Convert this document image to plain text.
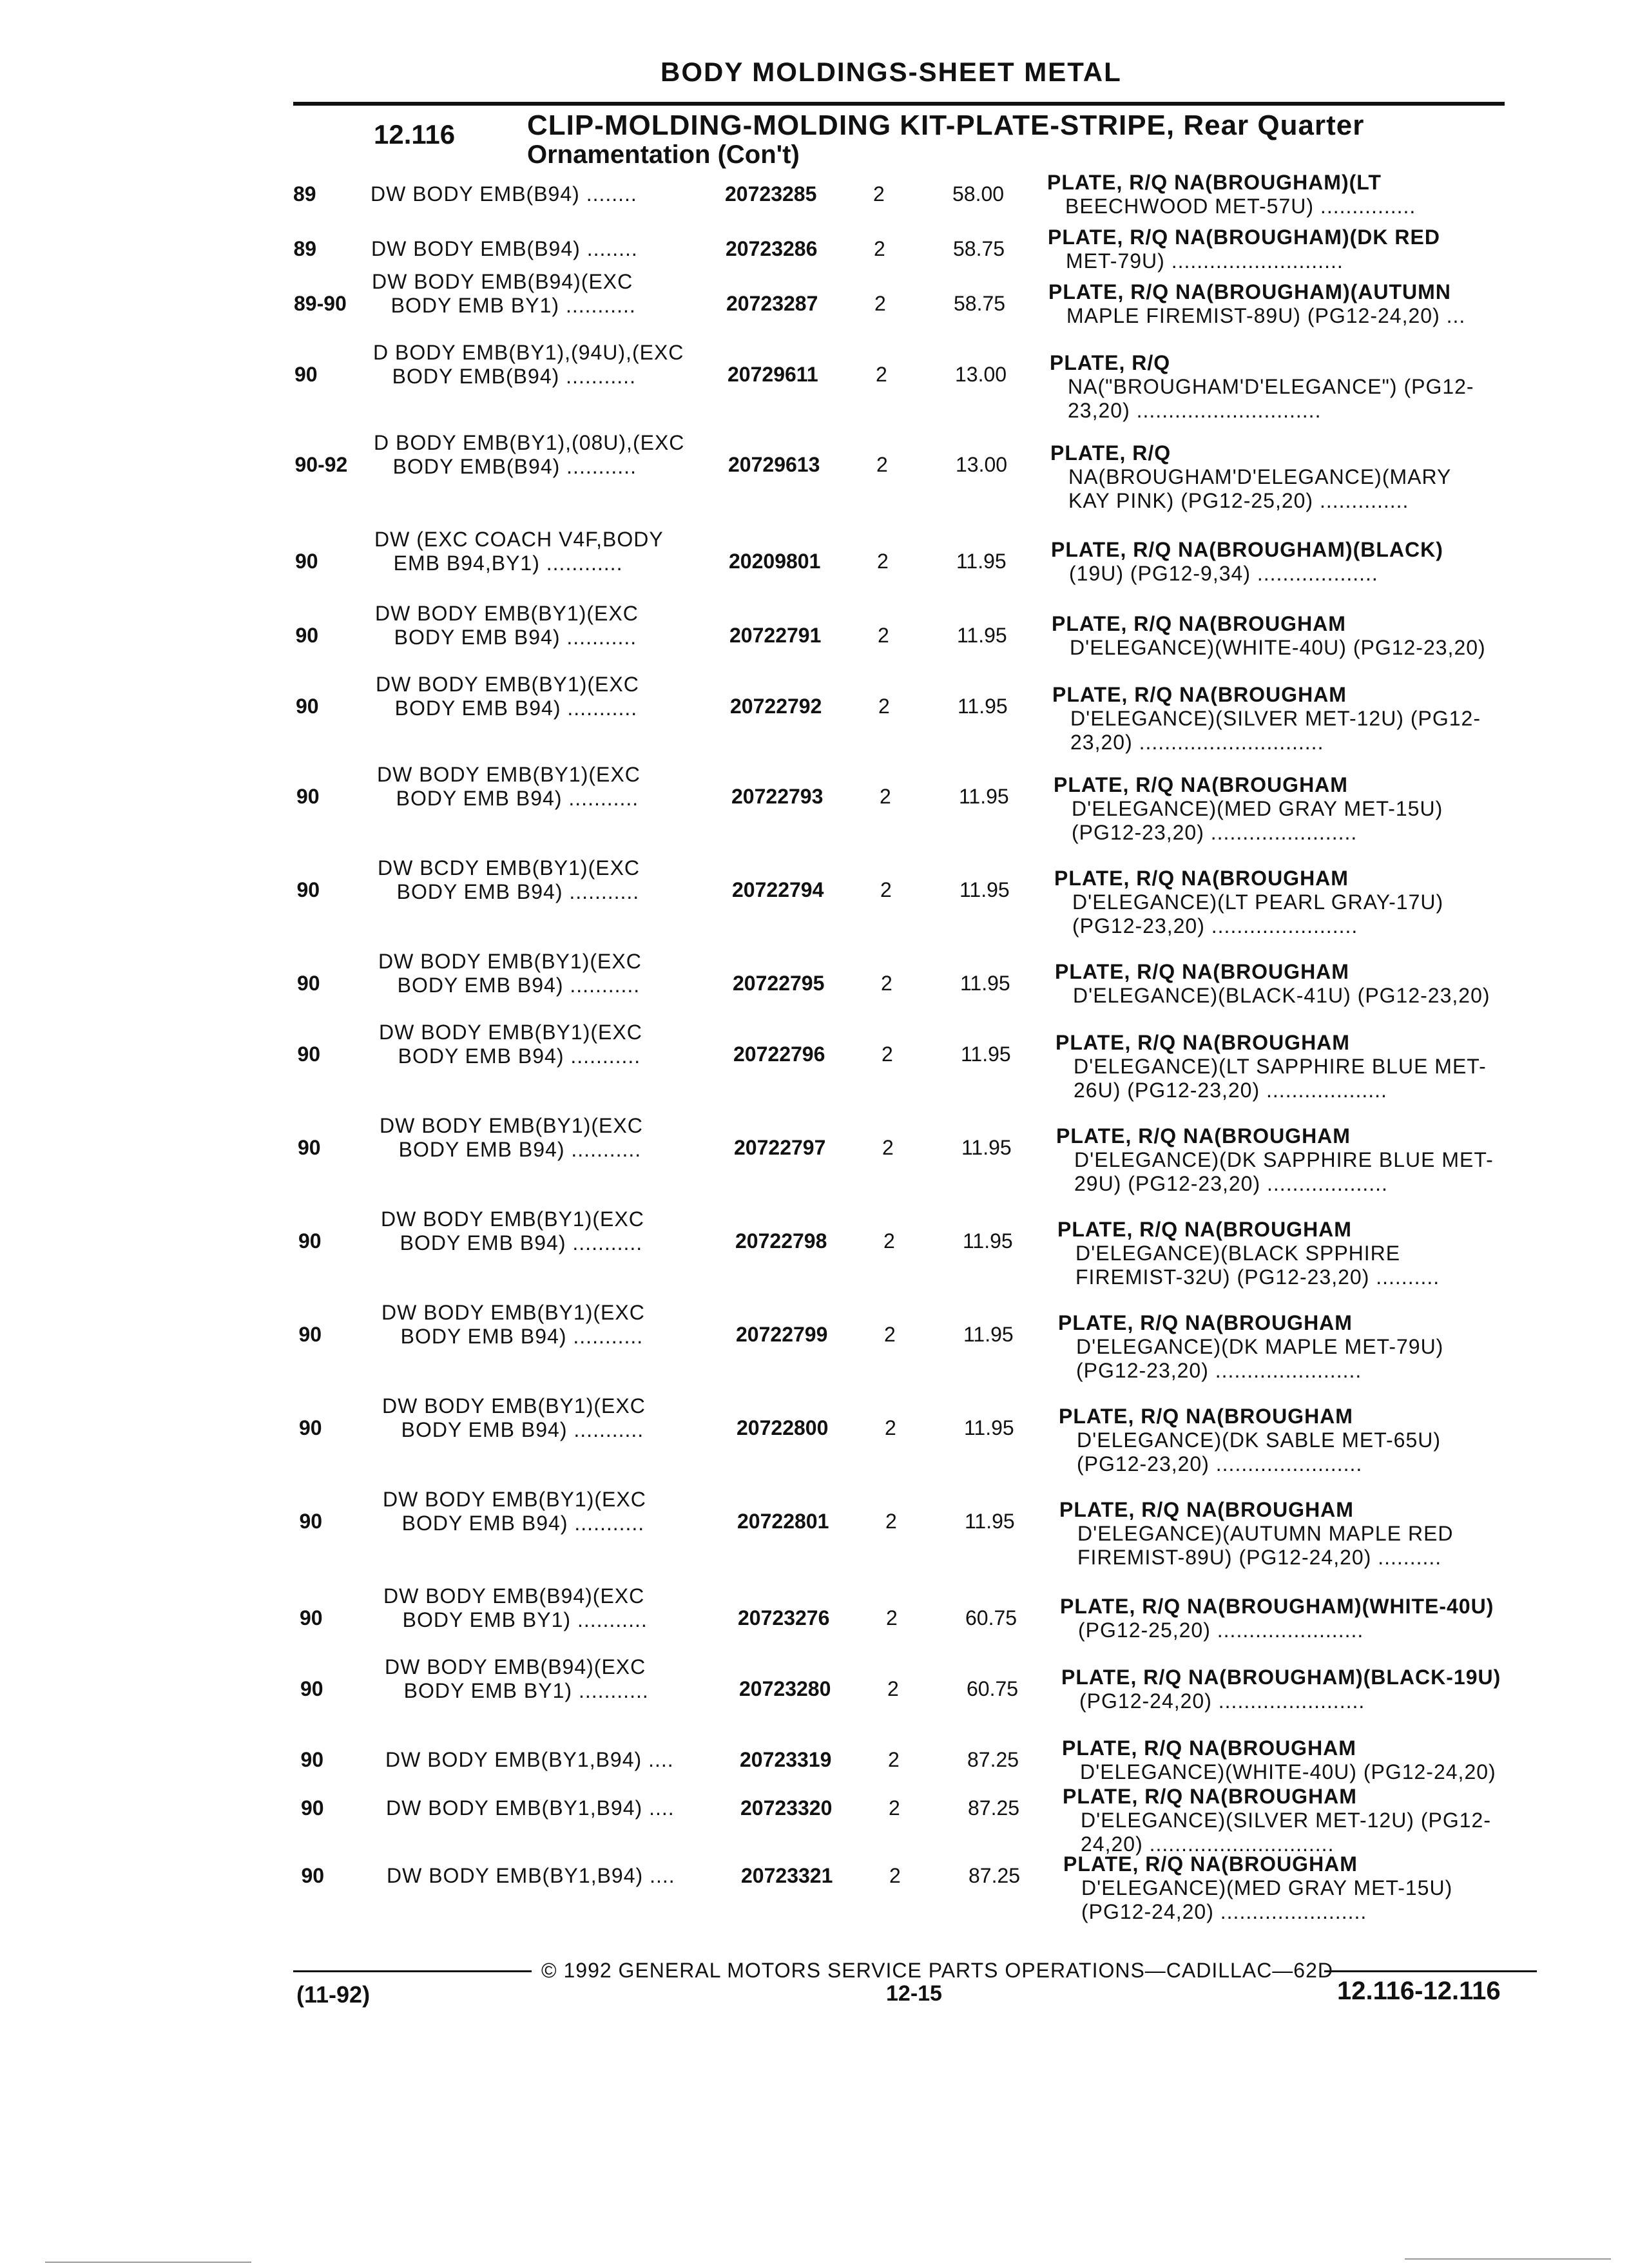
BODY MOLDINGS-SHEET METAL
12.116	CLIP-MOLDING-MOLDING KIT-PLATE-STRIPE, Rear Quarter
Ornamentation (Con't)
89	DW BODY EMB(B94) ........	20723285	2	58.00 PLATE, R/Q NA(BROUGHAM)(LT
BEECHWOOD MET-57U) ...............
89	DW BODY EMB(B94) ........	20723286	2	58.75 PLATE, R/Q NA(BROUGHAM)(DK RED
MET-79U) ...........................
89-90
DW BODY EMB(B94)(EXC
BODY EMB BY1) ...........	20723287	2	58.75 PLATE, R/Q NA(BROUGHAM)(AUTUMN
MAPLE FIREMIST-89U) (PG12-24,20) ...
90
D BODY EMB(BY1),(94U),(EXC
BODY EMB(B94) ...........	20729611	2	13.00 PLATE, R/Q
NA("BROUGHAM'D'ELEGANCE") (PG12-
23,20) .............................
90-92
D BODY EMB(BY1),(08U),(EXC
BODY EMB(B94) ...........	20729613	2	13.00 PLATE, R/Q
NA(BROUGHAM'D'ELEGANCE)(MARY
KAY PINK) (PG12-25,20) ..............
90
DW (EXC COACH V4F,BODY
EMB B94,BY1) ............	20209801	2	11.95 PLATE, R/Q NA(BROUGHAM)(BLACK)
(19U) (PG12-9,34) ...................
90
DW BODY EMB(BY1)(EXC
BODY EMB B94) ...........	20722791	2	11.95 PLATE, R/Q NA(BROUGHAM
D'ELEGANCE)(WHITE-40U) (PG12-23,20)
90
DW BODY EMB(BY1)(EXC
BODY EMB B94) ...........	20722792	2	11.95 PLATE, R/Q NA(BROUGHAM
D'ELEGANCE)(SILVER MET-12U) (PG12-
23,20) .............................
90
DW BODY EMB(BY1)(EXC
BODY EMB B94) ...........	20722793	2	11.95 PLATE, R/Q NA(BROUGHAM
D'ELEGANCE)(MED GRAY MET-15U)
(PG12-23,20) .......................
90
DW BCDY EMB(BY1)(EXC
BODY EMB B94) ...........	20722794	2	11.95 PLATE, R/Q NA(BROUGHAM
D'ELEGANCE)(LT PEARL GRAY-17U)
(PG12-23,20) .......................
90
DW BODY EMB(BY1)(EXC
BODY EMB B94) ...........	20722795	2	11.95 PLATE, R/Q NA(BROUGHAM
D'ELEGANCE)(BLACK-41U) (PG12-23,20)
90
DW BODY EMB(BY1)(EXC
BODY EMB B94) ...........	20722796	2	11.95 PLATE, R/Q NA(BROUGHAM
D'ELEGANCE)(LT SAPPHIRE BLUE MET-
26U) (PG12-23,20) ...................
90
DW BODY EMB(BY1)(EXC
BODY EMB B94) ...........	20722797	2	11.95 PLATE, R/Q NA(BROUGHAM
D'ELEGANCE)(DK SAPPHIRE BLUE MET-
29U) (PG12-23,20) ...................
90
DW BODY EMB(BY1)(EXC
BODY EMB B94) ...........	20722798	2	11.95 PLATE, R/Q NA(BROUGHAM
D'ELEGANCE)(BLACK SPPHIRE
FIREMIST-32U) (PG12-23,20) ..........
90
DW BODY EMB(BY1)(EXC
BODY EMB B94) ...........	20722799	2	11.95 PLATE, R/Q NA(BROUGHAM
D'ELEGANCE)(DK MAPLE MET-79U)
(PG12-23,20) .......................
90
DW BODY EMB(BY1)(EXC
BODY EMB B94) ...........	20722800	2	11.95 PLATE, R/Q NA(BROUGHAM
D'ELEGANCE)(DK SABLE MET-65U)
(PG12-23,20) .......................
90
DW BODY EMB(BY1)(EXC
BODY EMB B94) ...........	20722801	2	11.95 PLATE, R/Q NA(BROUGHAM
D'ELEGANCE)(AUTUMN MAPLE RED
FIREMIST-89U) (PG12-24,20) ..........
90
DW BODY EMB(B94)(EXC
BODY EMB BY1) ...........	20723276	2	60.75 PLATE, R/Q NA(BROUGHAM)(WHITE-40U)
(PG12-25,20) .......................
90
DW BODY EMB(B94)(EXC
BODY EMB BY1) ...........	20723280	2	60.75 PLATE, R/Q NA(BROUGHAM)(BLACK-19U)
(PG12-24,20) .......................
90	DW BODY EMB(BY1,B94) ....	20723319	2	87.25 PLATE, R/Q NA(BROUGHAM
D'ELEGANCE)(WHITE-40U) (PG12-24,20)
90	DW BODY EMB(BY1,B94) ....	20723320	2	87.25 PLATE, R/Q NA(BROUGHAM
D'ELEGANCE)(SILVER MET-12U) (PG12-
24,20) .............................
90	DW BODY EMB(BY1,B94) ....	20723321	2	87.25 PLATE, R/Q NA(BROUGHAM
D'ELEGANCE)(MED GRAY MET-15U)
(PG12-24,20) .......................
© 1992 GENERAL MOTORS SERVICE PARTS OPERATIONS—CADILLAC—62D
(11-92)	12-15	12.116-12.116
